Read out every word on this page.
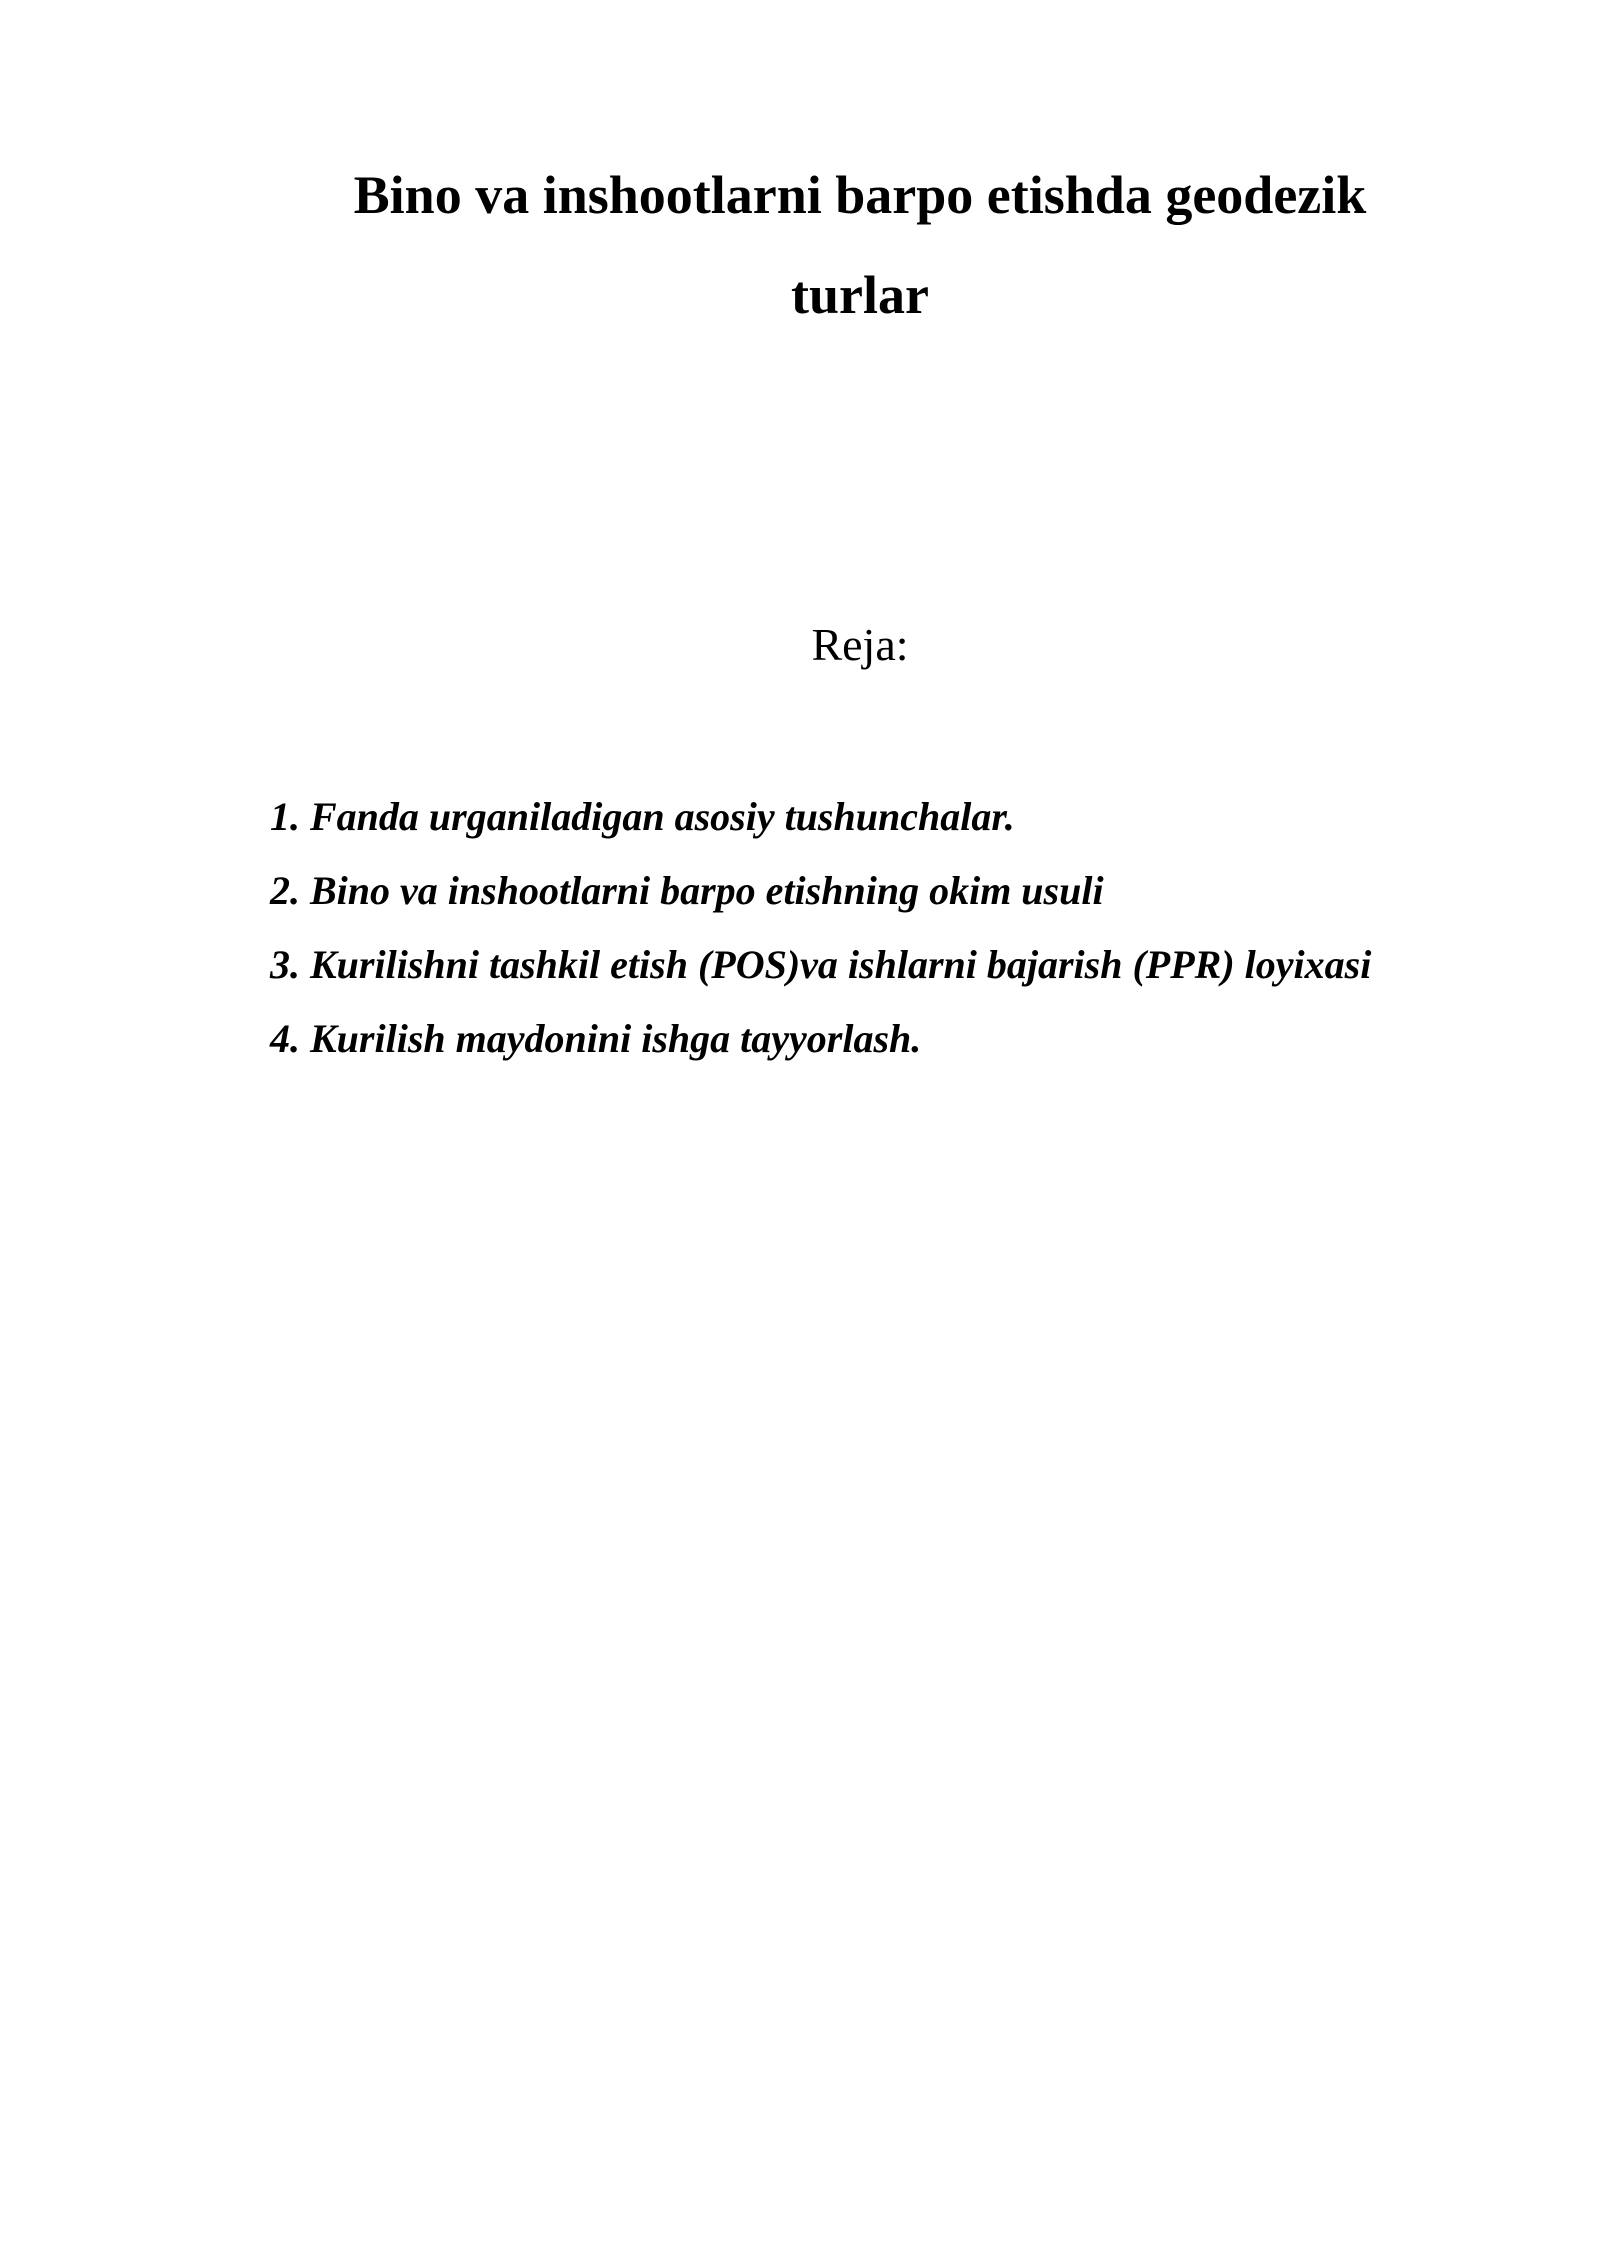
Bino va inshootlarni barpo etishda geodezik
turlar
Reja:
1. Fanda urganiladigan asosiy tushunchalar.
2. Bino va inshootlarni barpo etishning okim usuli
3. Kurilishni tashkil etish (POS)va ishlarni bajarish (PPR) loyixasi
4. Kurilish maydonini ishga tayyorlash.
